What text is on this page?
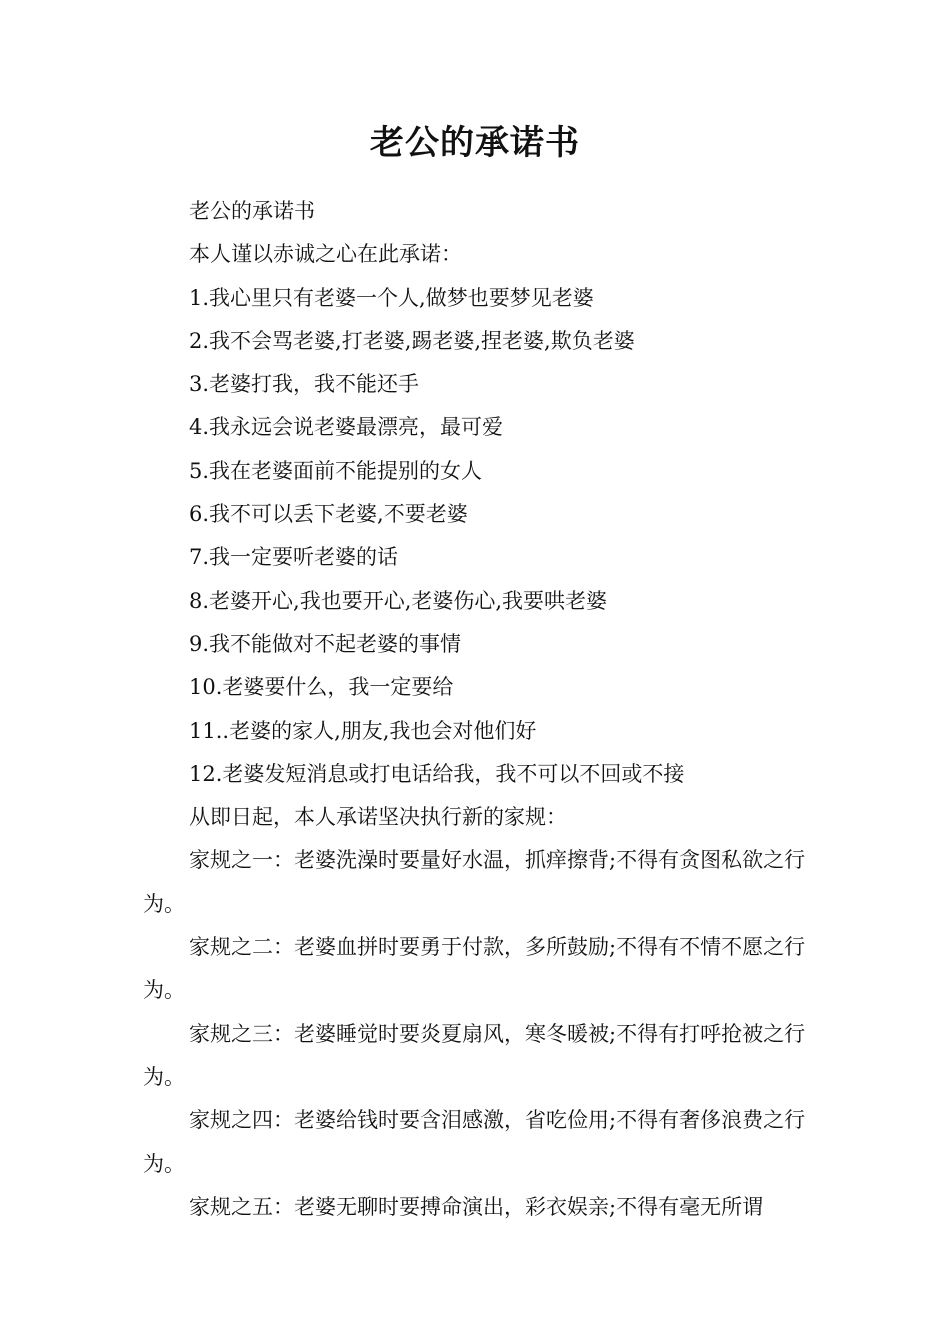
老公的承诺书

老公的承诺书

本人谨以赤诚之心在此承诺：

1.我心里只有老婆一个人,做梦也要梦见老婆

2.我不会骂老婆,打老婆,踢老婆,捏老婆,欺负老婆

3.老婆打我，我不能还手

4.我永远会说老婆最漂亮，最可爱

5.我在老婆面前不能提别的女人

6.我不可以丢下老婆,不要老婆

7.我一定要听老婆的话

8.老婆开心,我也要开心,老婆伤心,我要哄老婆

9.我不能做对不起老婆的事情

10.老婆要什么，我一定要给

11..老婆的家人,朋友,我也会对他们好

12.老婆发短消息或打电话给我，我不可以不回或不接

从即日起，本人承诺坚决执行新的家规：

家规之一：老婆洗澡时要量好水温，抓痒擦背;不得有贪图私欲之行为。

家规之二：老婆血拼时要勇于付款，多所鼓励;不得有不情不愿之行为。

家规之三：老婆睡觉时要炎夏扇风，寒冬暖被;不得有打呼抢被之行为。

家规之四：老婆给钱时要含泪感激，省吃俭用;不得有奢侈浪费之行为。

家规之五：老婆无聊时要搏命演出，彩衣娱亲;不得有毫无所谓
